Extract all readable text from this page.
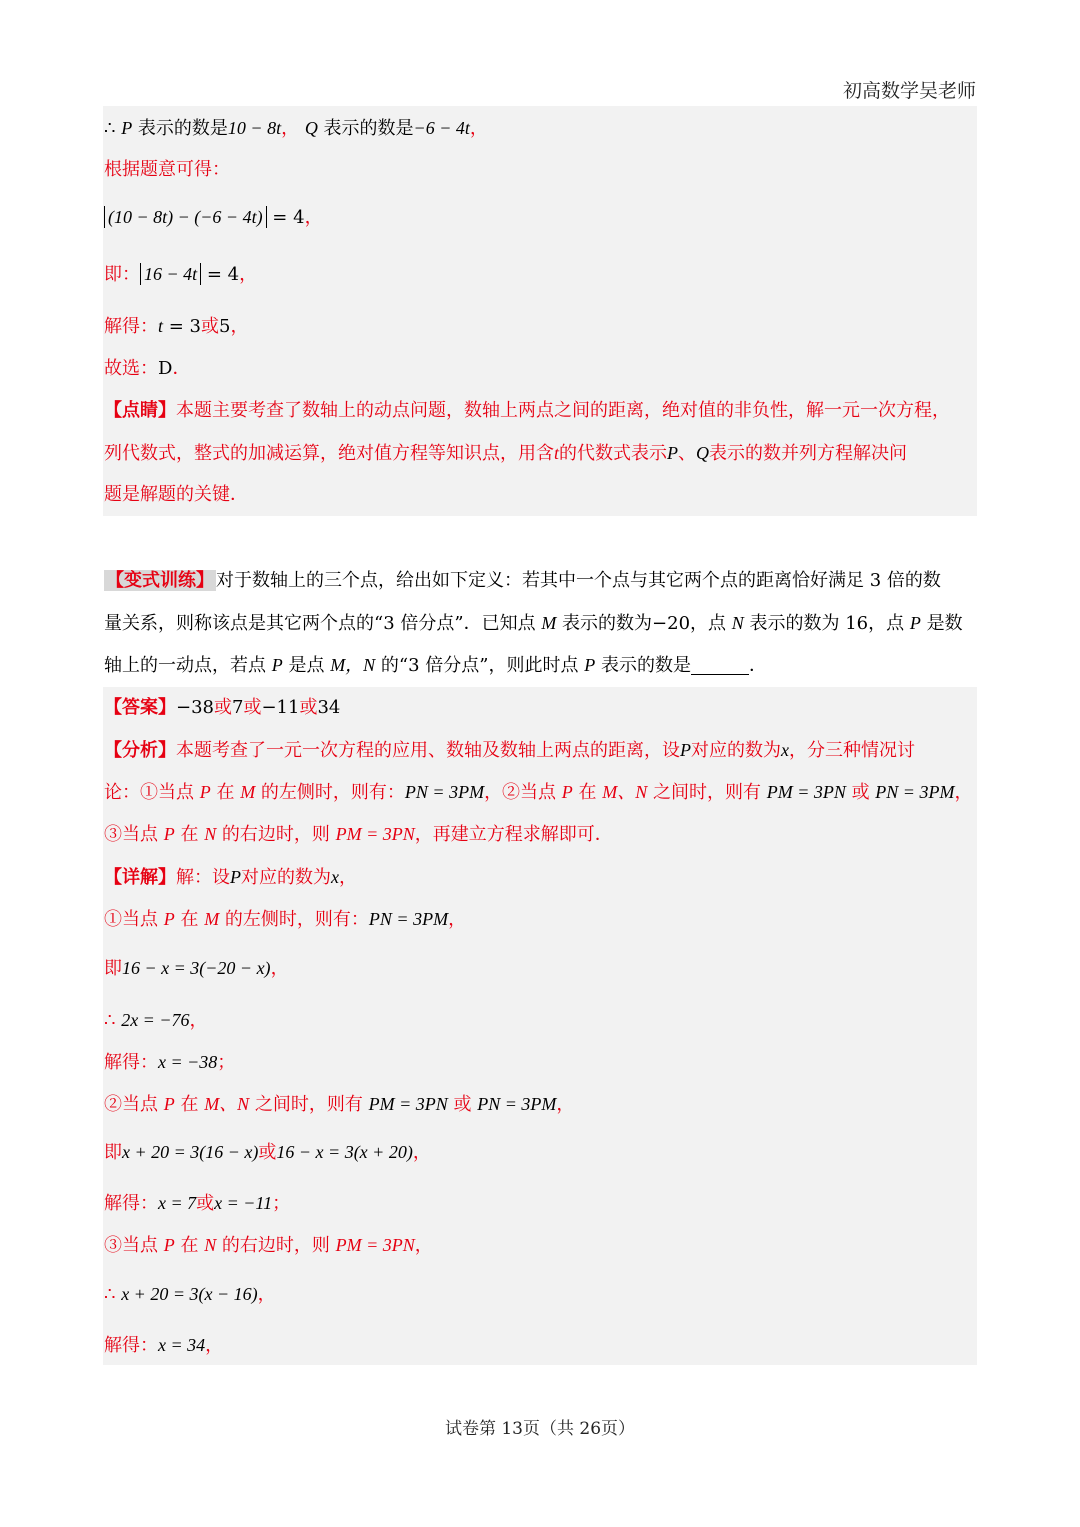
初高数学吴老师
∴ P 表示的数是10 − 8t， Q 表示的数是−6 − 4t，
根据题意可得：
(10 − 8t) − (−6 − 4t) = 4，
即： 16 − 4t = 4，
解得：t = 3或5，
故选：D．
【点睛】本题主要考查了数轴上的动点问题，数轴上两点之间的距离，绝对值的非负性，解一元一次方程，
列代数式，整式的加减运算，绝对值方程等知识点，用含t的代数式表示P、Q表示的数并列方程解决问
题是解题的关键．
【变式训练】 对于数轴上的三个点，给出如下定义：若其中一个点与其它两个点的距离恰好满足 3 倍的数
量关系，则称该点是其它两个点的“3 倍分点”．已知点 M 表示的数为−20，点 N 表示的数为 16，点 P 是数
轴上的一动点，若点 P 是点 M，N 的“3 倍分点”，则此时点 P 表示的数是	．
【答案】−38或7或−11或34
【分析】本题考查了一元一次方程的应用、数轴及数轴上两点的距离，设P对应的数为x，分三种情况讨
论：①当点 P 在 M 的左侧时，则有：PN = 3PM，②当点 P 在 M、N 之间时，则有 PM = 3PN 或 PN = 3PM，
③当点 P 在 N 的右边时，则 PM = 3PN，再建立方程求解即可．
【详解】解：设P对应的数为x，
①当点 P 在 M 的左侧时，则有：PN = 3PM，
即16 − x = 3(−20 − x)，
∴ 2x = −76，
解得：x = −38；
②当点 P 在 M、N 之间时，则有 PM = 3PN 或 PN = 3PM，
即x + 20 = 3(16 − x)或16 − x = 3(x + 20)，
解得：x = 7或x = −11；
③当点 P 在 N 的右边时，则 PM = 3PN，
∴ x + 20 = 3(x − 16)，
解得：x = 34，
试卷第 13页（共 26页）
